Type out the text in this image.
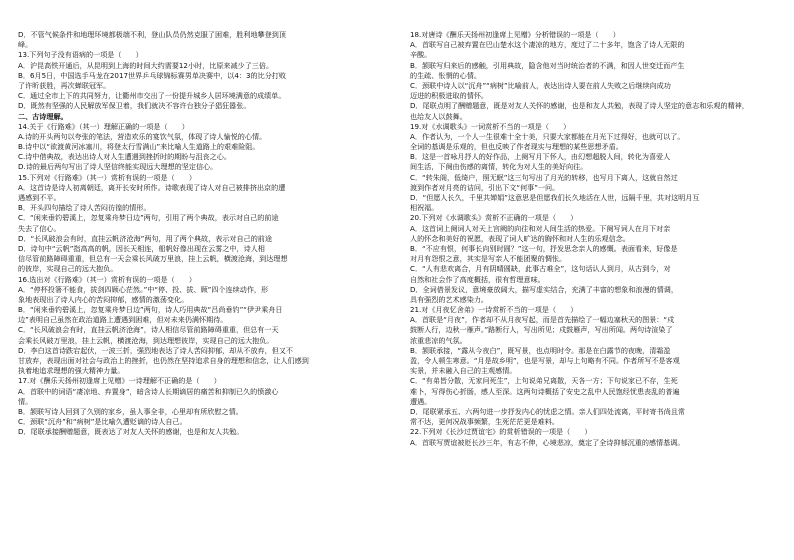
D．不管气候条件和地理环境都极端不利，登山队员仍然克服了困难，胜利地攀登到顶
峰。
13.下列句子没有语病的一项是（　　）
A．沪昆高铁开通后，从昆明到上海的时间大约需要12小时，比原来减少了三倍。
B．6月5日，中国选手马龙在2017世界乒乓球锦标赛男单决赛中，以4：3的比分打败
了许昕获胜，再次蝉联冠军。
C．通过全市上下的共同努力，让衢州市交出了一份提升城乡人居环境满意的成绩单。
D．既然有坚强的人民解放军保卫着，我们就决不容许台独分子猖狂嚣张。
二、古诗理解。
14.关于《行路难》（其一）理解正确的一项是（　　）
A.诗的开头两句以夸张的笔法，营造欢乐的宴饮气氛，体现了诗人愉悦的心情。
B.诗中以“欲渡黄河冰塞川，将登太行雪满山”来比喻人生道路上的艰难险阻。
C.诗中借典故，表达出诗人对人生遭遇到挫折时的期盼与沮丧之心。
D.诗的最后两句写出了诗人坚信终能实现远大理想的坚定信心。
15.下列对《行路难》（其一）赏析有误的一项是（　　）
A．这首诗是诗人初离朝廷，离开长安时所作。诗歌表现了诗人对自己被排挤出京的遭
遇感到不平。
B．开头四句描绘了诗人苦闷彷徨的情形。
C．“闲来垂钓碧溪上，忽复乘舟梦日边”两句，引用了两个典故，表示对自己的前途
失去了信心。
D．“长风破浪会有时，直挂云帆济沧海”两句，用了两个典故，表示对自己的前途
D．诗句中“云帆”指高高的帆，因长天相连，船帆好像出现在云雾之中，诗人相
信尽管前路障碍重重，但总有一天会乘长风破万里浪，挂上云帆，横渡沧海，到达理想
的彼岸，实现自己的远大抱负。
16.选出对《行路难》（其一）赏析有误的一项是（　　）
A．“停杯投箸不能食，拔剑四顾心茫然。”中“停、投、拔、顾”四个连续动作，形
象地表现出了诗人内心的苦闷抑郁，感情的激荡变化。
B．“闲来垂钓碧溪上，忽复乘舟梦日边”两句，诗人巧用典故“吕尚垂钓”“伊尹乘舟日
边”表明自己虽然在政治道路上遭遇到困难，但对未来仍满怀期待。
C．“长风破浪会有时，直挂云帆济沧海”，诗人相信尽管前路障碍重重，但总有一天
会乘长风破万里浪，挂上云帆，横渡沧海，到达理想彼岸，实现自己的远大抱负。
D．李白这首诗跌宕起伏，一波三折，强烈地表达了诗人苦闷抑郁，却从不放弃，但又不
甘放弃，表现出面对社会与政治上的挫折，也仍然在坚持追求自身的理想和信念，让人们感到
执着地追求理想的强大精神力量。
17.对《酬乐天扬州初逢席上见赠》一诗理解不正确的是（　　）
A．首联中的词语“凄凉地、弃置身”，暗含诗人长期谪居的痛苦和抑制已久的愤激心
情。
B．颔联写诗人回到了久别的家乡，虽人事全非，心里却有所欣慰之情。
C．颈联“沉舟”和“病树”是比喻久遭贬谪的诗人自己。
D．尾联承接酬赠题意，既表达了对友人关怀的感谢，也是和友人共勉。
18.对唐诗《酬乐天扬州初逢席上见赠》分析错误的一项是（　　）
A．首联写自己被弃置在巴山楚水这个凄凉的地方，度过了二十多年，饱含了诗人无限的
辛酸。
B．颔联写归来后的感触，引用典故，隐含他对当时统治者的不满，和因人世变迁而产生
的生疏、怅惘的心情。
C．颈联中诗人以“沉舟”“病树”比喻前人，表达出诗人要在前人失败之后继续向成功
迈进的积极进取的情怀。
D．尾联点明了酬赠题意，既是对友人关怀的感谢，也是和友人共勉，表现了诗人坚定的意志和乐观的精神，
也给友人以鼓舞。
19.对《水调歌头》一词赏析不当的一项是（　　）
A．作者认为，一个人一生很难十全十美，只要大家都能在月光下过得好，也就可以了。
全词的基调是乐观的，但也反映了作者现实与理想的某些思想矛盾。
B．这是一首咏月抒人的好作品，上阕写月下怀人，由幻想超脱人间，转化为喜爱人
间生活，下阕由伤感的离情，转化为对人生的美好向往。
C．“转朱阁，低绮户，照无眠”这三句写出了月光的转移，也写月下离人，这就自然过
渡到作者对月亮的诘问，引出下文“何事”一问。
D．“但愿人长久，千里共婵娟”这意思是但愿我们长久地活在人世，远隔千里，共对这明月互
相祝福。
20.下列对《水调歌头》赏析不正确的一项是（　　）
A．这首词上阕词人对天上宫阙的向往和对人间生活的热爱。下阕写词人在月下对亲
人的怀念和美好的祝愿，表现了词人旷达的胸怀和对人生的乐观信念。
B．“不应有恨，何事长向别时圆？”这一句，抒发思念亲人的感慨。表面看来，好像是
对月有怨恨之意，其实是写亲人不能团聚的惆怅。
C．“人有悲欢离合，月有阴晴圆缺，此事古难全”，这句话认人到月，从古到今，对
自然和社会作了高度概括，很有哲理意味。
D．全词借景发议，意境豪放阔大，描写虚实结合，充满了丰富的想象和浪漫的情调，
具有强烈的艺术感染力。
21.对《月夜忆舍弟》一诗赏析不当的一项是（　　）
A．首联是“月夜”，作者却不从月夜写起，而是首先描绘了一幅边塞秋天的图景：“戍
鼓断人行，边秋一雁声。”路断行人，写出所见；戍鼓雁声，写出所闻。两句诗渲染了
浓重悲凉的气氛。
B．颔联承接，“露从今夜白”，既写景，也点明时令。那是在白露节的夜晚，清霜盈
盈，令人顿生寒意。“月是故乡明”，也是写景，却与上句略有不同。作者所写不是客观
实景，并未融入自己的主观感情。
C．“有弟皆分散，无家问死生”，上句说弟兄离散，天各一方；下句说家已不存，生死
难卜，写得伤心折肠，感人至深。这两句诗概括了安史之乱中人民饱经忧患丧乱的普遍
遭遇。
D．尾联紧承五、六两句进一步抒发内心的忧虑之情。亲人们四处流离，平时寄书尚且常
常不达，更何况战事频繁，生死茫茫更是难料。
22.下列对《长沙过贾谊宅》的赏析错误的一项是（　　）
A．首联写贾谊被贬长沙三年，有志不伸，心境悲凉，奠定了全诗抑郁沉重的感情基调。
